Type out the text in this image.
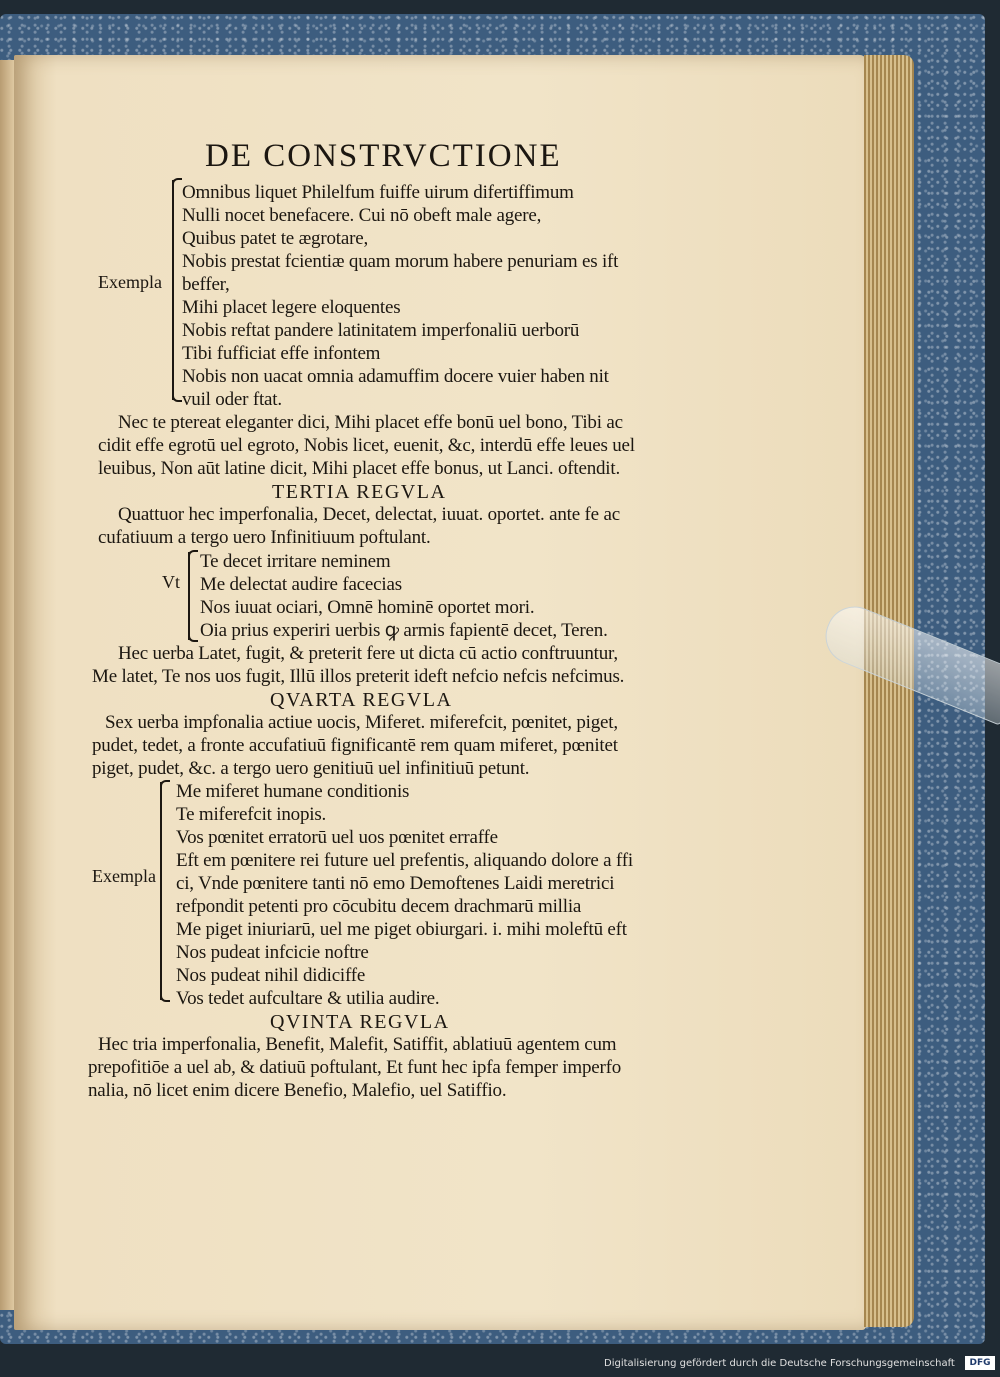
DE CONSTRVCTIONE
Exempla
Omnibus liquet Philelfum fuiffe uirum difertiffimum
Nulli nocet benefacere. Cui nō obeft male agere,
Quibus patet te ægrotare,
Nobis prestat fcientiæ quam morum habere penuriam es ift
beffer,
Mihi placet legere eloquentes
Nobis reftat pandere latinitatem imperfonaliū uerborū
Tibi fufficiat effe infontem
Nobis non uacat omnia adamuffim docere vuier haben nit
vuil oder ftat.
Nec te ptereat eleganter dici, Mihi placet effe bonū uel bono, Tibi ac
cidit effe egrotū uel egroto, Nobis licet, euenit, &c, interdū effe leues uel
leuibus, Non aūt latine dicit, Mihi placet effe bonus, ut Lanci. oftendit.
TERTIA REGVLA
Quattuor hec imperfonalia, Decet, delectat, iuuat. oportet. ante fe ac
cufatiuum a tergo uero Infinitiuum poftulant.
Vt
Te decet irritare neminem
Me delectat audire facecias
Nos iuuat ociari, Omnē hominē oportet mori.
Oia prius experiri uerbis ꝙ armis fapientē decet, Teren.
Hec uerba Latet, fugit, & preterit fere ut dicta cū actio conftruuntur,
Me latet, Te nos uos fugit, Illū illos preterit ideft nefcio nefcis nefcimus.
QVARTA REGVLA
Sex uerba impfonalia actiue uocis, Miferet. miferefcit, pœnitet, piget,
pudet, tedet, a fronte accufatiuū fignificantē rem quam miferet, pœnitet
piget, pudet, &c. a tergo uero genitiuū uel infinitiuū petunt.
Exempla
Me miferet humane conditionis
Te miferefcit inopis.
Vos pœnitet erratorū uel uos pœnitet erraffe
Eft em pœnitere rei future uel prefentis, aliquando dolore a ffi
ci, Vnde pœnitere tanti nō emo Demoftenes Laidi meretrici
refpondit petenti pro cōcubitu decem drachmarū millia
Me piget iniuriarū, uel me piget obiurgari. i. mihi moleftū eft
Nos pudeat infcicie noftre
Nos pudeat nihil didiciffe
Vos tedet aufcultare & utilia audire.
QVINTA REGVLA
Hec tria imperfonalia, Benefit, Malefit, Satiffit, ablatiuū agentem cum
prepofitiōe a uel ab, & datiuū poftulant, Et funt hec ipfa femper imperfo
nalia, nō licet enim dicere Benefio, Malefio, uel Satiffio.
Digitalisierung gefördert durch die Deutsche Forschungsgemeinschaft	DFG
